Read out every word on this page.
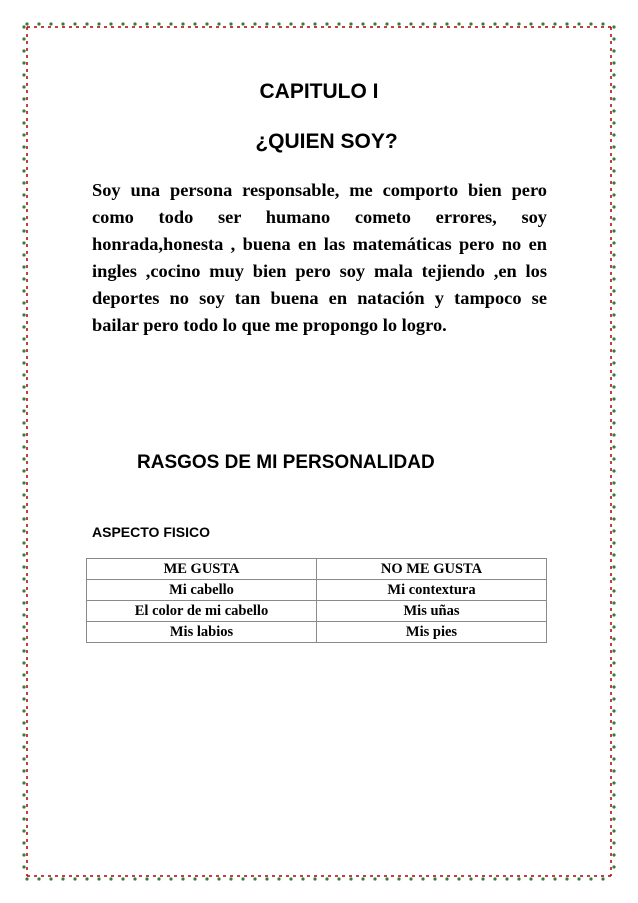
CAPITULO I
¿QUIEN SOY?

Soy una persona responsable, me comporto bien pero como todo ser humano cometo errores, soy honrada,honesta , buena en las matemáticas pero no en ingles ,cocino muy bien pero soy mala tejiendo ,en los deportes no soy tan buena en natación y tampoco se bailar pero todo lo que me propongo lo logro.

RASGOS DE MI PERSONALIDAD
ASPECTO FISICO
ME GUSTA	NO ME GUSTA
Mi cabello	Mi contextura
El color de mi cabello	Mis uñas
Mis labios	Mis pies
